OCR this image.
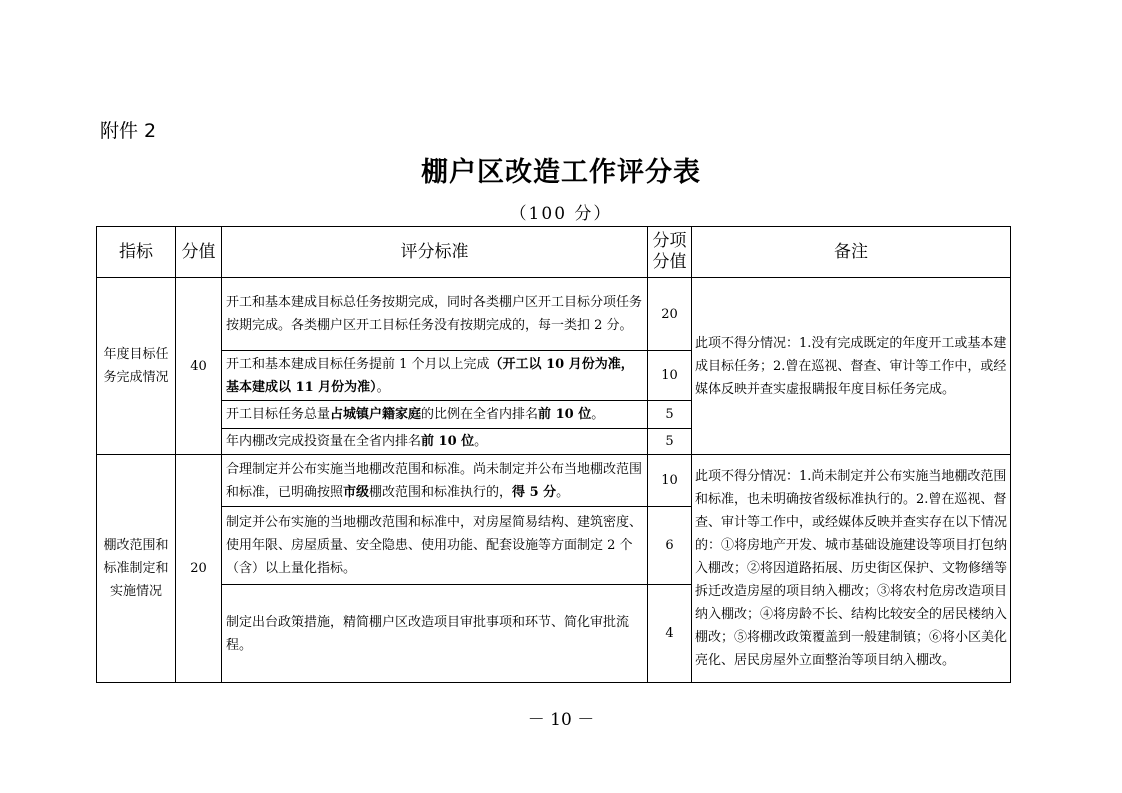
附件 2
棚户区改造工作评分表
（100 分）
指标	分值	评分标准	分项分值	备注
年度目标任务完成情况	40	开工和基本建成目标总任务按期完成，同时各类棚户区开工目标分项任务按期完成。各类棚户区开工目标任务没有按期完成的，每一类扣 2 分。	20	此项不得分情况：1.没有完成既定的年度开工或基本建成目标任务；2.曾在巡视、督查、审计等工作中，或经媒体反映并查实虚报瞒报年度目标任务完成。
		开工和基本建成目标任务提前 1 个月以上完成（开工以 10 月份为准，基本建成以 11 月份为准）。	10	
		开工目标任务总量占城镇户籍家庭的比例在全省内排名前 10 位。	5	
		年内棚改完成投资量在全省内排名前 10 位。	5	
棚改范围和标准制定和实施情况	20	合理制定并公布实施当地棚改范围和标准。尚未制定并公布当地棚改范围和标准，已明确按照市级棚改范围和标准执行的，得 5 分。	10	此项不得分情况：1.尚未制定并公布实施当地棚改范围和标准，也未明确按省级标准执行的。2.曾在巡视、督查、审计等工作中，或经媒体反映并查实存在以下情况的：①将房地产开发、城市基础设施建设等项目打包纳入棚改；②将因道路拓展、历史街区保护、文物修缮等拆迁改造房屋的项目纳入棚改；③将农村危房改造项目纳入棚改；④将房龄不长、结构比较安全的居民楼纳入棚改；⑤将棚改政策覆盖到一般建制镇；⑥将小区美化亮化、居民房屋外立面整治等项目纳入棚改。
		制定并公布实施的当地棚改范围和标准中，对房屋简易结构、建筑密度、使用年限、房屋质量、安全隐患、使用功能、配套设施等方面制定 2 个（含）以上量化指标。	6	
		制定出台政策措施，精简棚户区改造项目审批事项和环节、简化审批流程。	4	
－ 10 －
